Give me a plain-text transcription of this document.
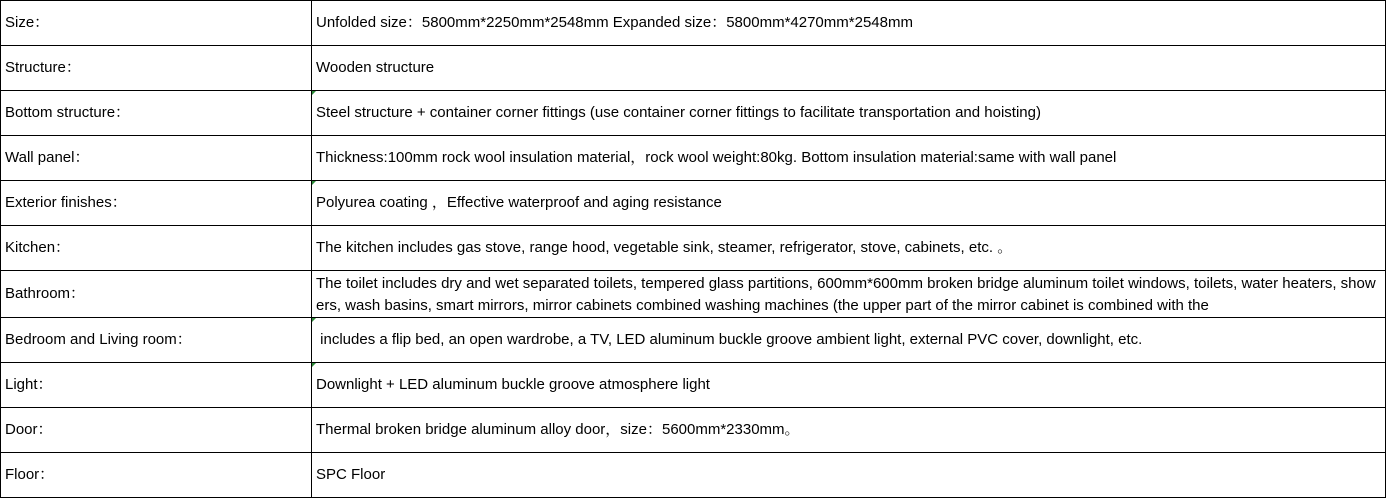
Size：	Unfolded size：5800mm*2250mm*2548mm Expanded size：5800mm*4270mm*2548mm
Structure：	Wooden structure
Bottom structure：	Steel structure + container corner fittings (use container corner fittings to facilitate transportation and hoisting)
Wall panel：	Thickness:100mm rock wool insulation material，rock wool weight:80kg. Bottom insulation material:same with wall panel
Exterior finishes：	Polyurea coating ，Effective waterproof and aging resistance
Kitchen：	The kitchen includes gas stove, range hood, vegetable sink, steamer, refrigerator, stove, cabinets, etc. 。
Bathroom：	The toilet includes dry and wet separated toilets, tempered glass partitions, 600mm*600mm broken bridge aluminum toilet windows, toilets, water heaters, showers, wash basins, smart mirrors, mirror cabinets combined washing machines (the upper part of the mirror cabinet is combined with the
Bedroom and Living room：	includes a flip bed, an open wardrobe, a TV, LED aluminum buckle groove ambient light, external PVC cover, downlight, etc.
Light：	Downlight + LED aluminum buckle groove atmosphere light
Door：	Thermal broken bridge aluminum alloy door，size：5600mm*2330mm。
Floor：	SPC Floor
